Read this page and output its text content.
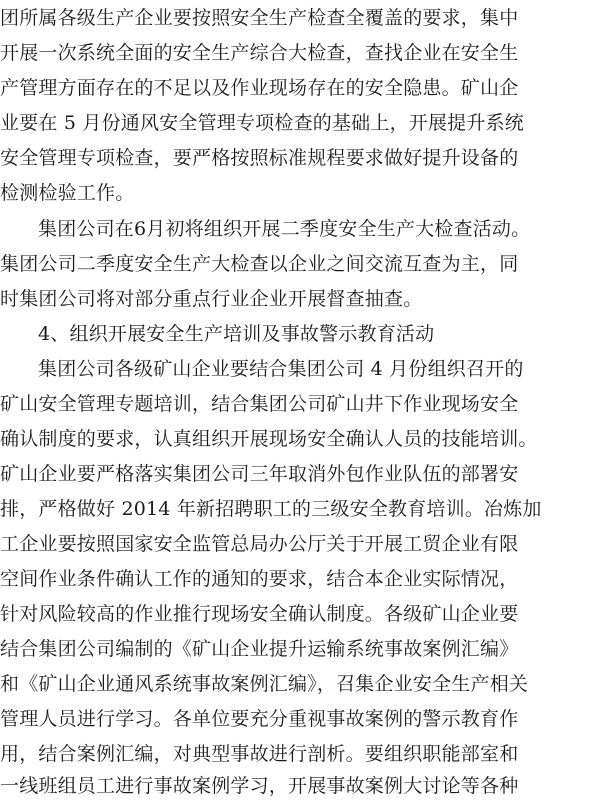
团所属各级生产企业要按照安全生产检查全覆盖的要求，集中
开展一次系统全面的安全生产综合大检查，查找企业在安全生
产管理方面存在的不足以及作业现场存在的安全隐患。矿山企
业要在 5 月份通风安全管理专项检查的基础上，开展提升系统
安全管理专项检查，要严格按照标准规程要求做好提升设备的
检测检验工作。
集团公司在6月初将组织开展二季度安全生产大检查活动。
集团公司二季度安全生产大检查以企业之间交流互查为主，同
时集团公司将对部分重点行业企业开展督查抽查。
4、组织开展安全生产培训及事故警示教育活动
集团公司各级矿山企业要结合集团公司 4 月份组织召开的
矿山安全管理专题培训，结合集团公司矿山井下作业现场安全
确认制度的要求，认真组织开展现场安全确认人员的技能培训。
矿山企业要严格落实集团公司三年取消外包作业队伍的部署安
排，严格做好 2014 年新招聘职工的三级安全教育培训。冶炼加
工企业要按照国家安全监管总局办公厅关于开展工贸企业有限
空间作业条件确认工作的通知的要求，结合本企业实际情况，
针对风险较高的作业推行现场安全确认制度。各级矿山企业要
结合集团公司编制的《矿山企业提升运输系统事故案例汇编》
和《矿山企业通风系统事故案例汇编》，召集企业安全生产相关
管理人员进行学习。各单位要充分重视事故案例的警示教育作
用，结合案例汇编，对典型事故进行剖析。要组织职能部室和
一线班组员工进行事故案例学习，开展事故案例大讨论等各种
